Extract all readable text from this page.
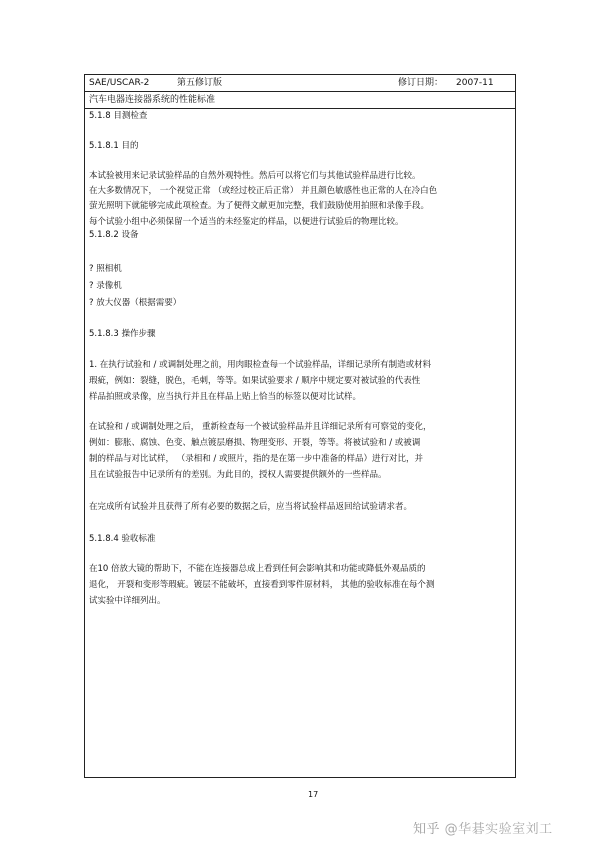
SAE/USCAR-2	第五修订版	修订日期： 2007-11
汽车电器连接器系统的性能标准
5.1.8 目测检查
5.1.8.1 目的
本试验被用来记录试验样品的自然外观特性。然后可以将它们与其他试验样品进行比较。
在大多数情况下， 一个视觉正常 （或经过校正后正常） 并且颜色敏感性也正常的人在冷白色
萤光照明下就能够完成此项检查。为了便得文献更加完整，我们鼓励使用拍照和录像手段。
每个试验小组中必须保留一个适当的未经鉴定的样品，以便进行试验后的物理比较。
5.1.8.2 设备
? 照相机
? 录像机
? 放大仪器（根据需要）
5.1.8.3 操作步骤
1. 在执行试验和 / 或调制处理之前，用肉眼检查每一个试验样品，详细记录所有制造或材料
瑕疵，例如：裂缝，脱色，毛刺，等等。如果试验要求 / 顺序中规定要对被试验的代表性
样品拍照或录像，应当执行并且在样品上贴上恰当的标签以便对比试样。
在试验和 / 或调制处理之后， 重新检查每一个被试验样品并且详细记录所有可察觉的变化，
例如：膨胀、腐蚀、色变、触点镀层磨损、物理变形、开裂，等等。将被试验和 / 或被调
制的样品与对比试样， （录相和 / 或照片，指的是在第一步中准备的样品）进行对比，并
且在试验报告中记录所有的差别。为此目的，授权人需要提供额外的一些样品。
在完成所有试验并且获得了所有必要的数据之后，应当将试验样品返回给试验请求者。
5.1.8.4 验收标准
在10 倍放大镜的帮助下，不能在连接器总成上看到任何会影响其和功能或降低外观品质的
退化， 开裂和变形等瑕疵。镀层不能破坏，直接看到零件原材料， 其他的验收标准在每个测
试实验中详细列出。
17
知乎 @华碁实验室刘工
